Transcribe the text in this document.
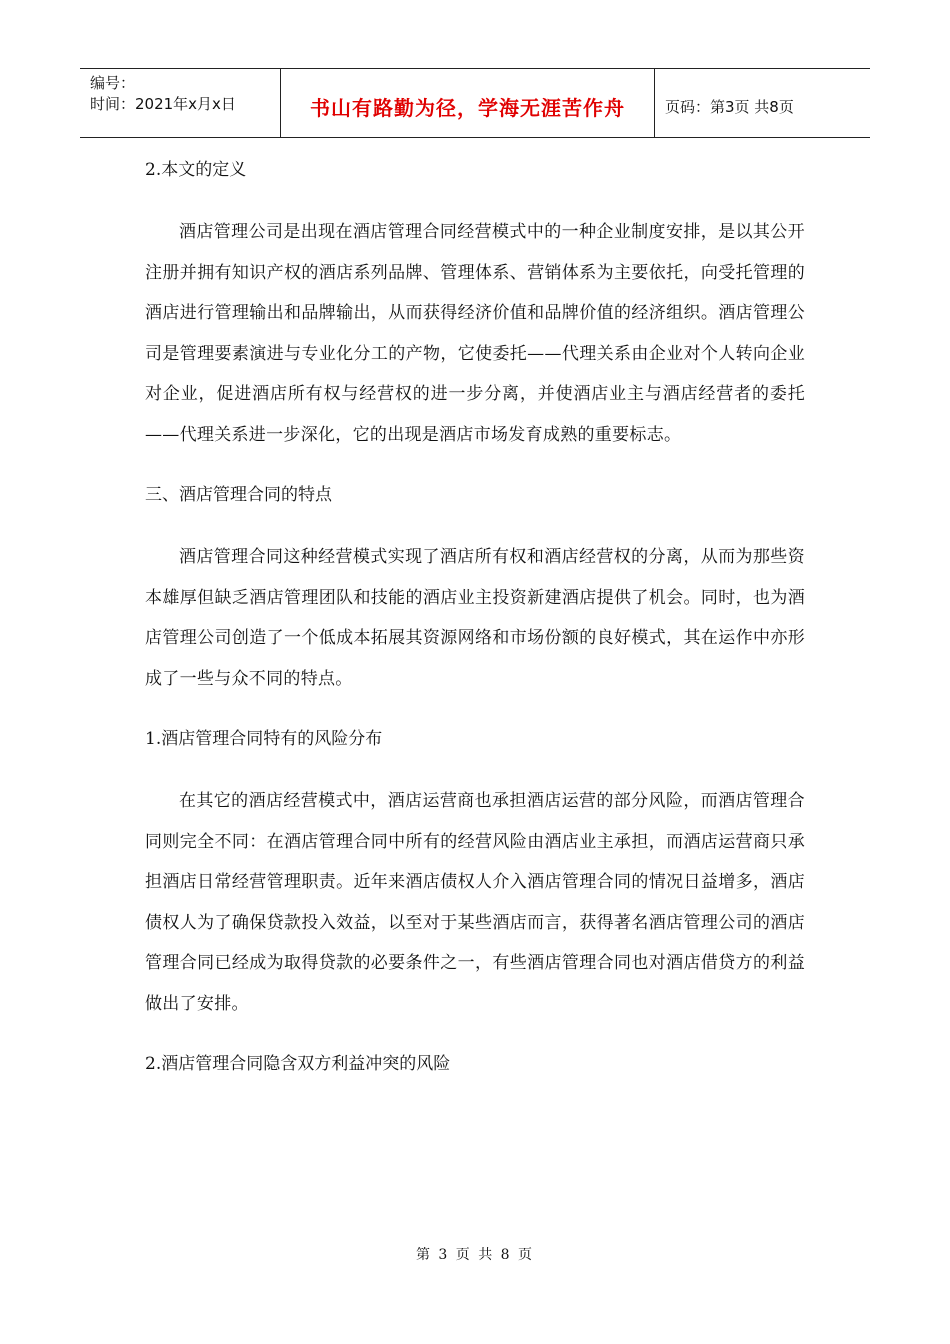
编号：
时间：2021年x月x日	书山有路勤为径，学海无涯苦作舟	页码：第3页 共8页
2.本文的定义

酒店管理公司是出现在酒店管理合同经营模式中的一种企业制度安排，是以其公开注册并拥有知识产权的酒店系列品牌、管理体系、营销体系为主要依托，向受托管理的酒店进行管理输出和品牌输出，从而获得经济价值和品牌价值的经济组织。酒店管理公司是管理要素演进与专业化分工的产物，它使委托——代理关系由企业对个人转向企业对企业，促进酒店所有权与经营权的进一步分离，并使酒店业主与酒店经营者的委托——代理关系进一步深化，它的出现是酒店市场发育成熟的重要标志。

三、酒店管理合同的特点

酒店管理合同这种经营模式实现了酒店所有权和酒店经营权的分离，从而为那些资本雄厚但缺乏酒店管理团队和技能的酒店业主投资新建酒店提供了机会。同时，也为酒店管理公司创造了一个低成本拓展其资源网络和市场份额的良好模式，其在运作中亦形成了一些与众不同的特点。

1.酒店管理合同特有的风险分布

在其它的酒店经营模式中，酒店运营商也承担酒店运营的部分风险，而酒店管理合同则完全不同：在酒店管理合同中所有的经营风险由酒店业主承担，而酒店运营商只承担酒店日常经营管理职责。近年来酒店债权人介入酒店管理合同的情况日益增多，酒店债权人为了确保贷款投入效益，以至对于某些酒店而言，获得著名酒店管理公司的酒店管理合同已经成为取得贷款的必要条件之一，有些酒店管理合同也对酒店借贷方的利益做出了安排。

2.酒店管理合同隐含双方利益冲突的风险
第 3 页 共 8 页
